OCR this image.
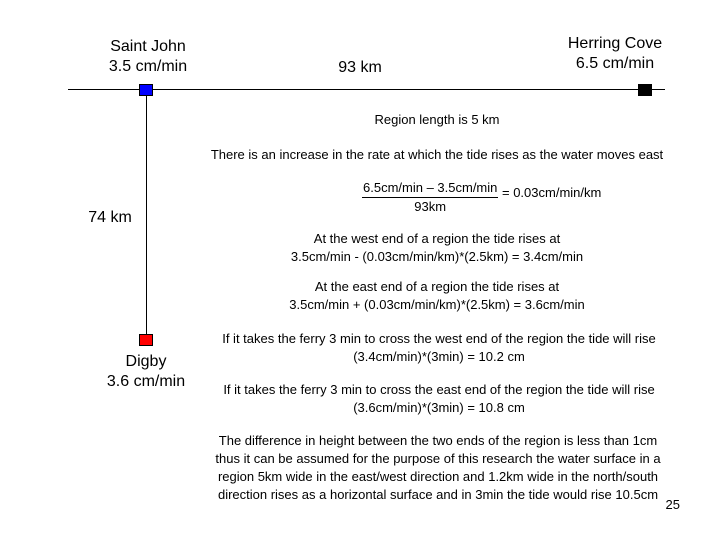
Saint John
3.5 cm/min
Herring Cove
6.5 cm/min
Digby
3.6 cm/min
93 km
74 km
Region length is 5 km
There is an increase in the rate at which the tide rises as the water moves east
6.5cm/min – 3.5cm/min
93km
= 0.03cm/min/km
At the west end of a region the tide rises at
3.5cm/min - (0.03cm/min/km)*(2.5km) = 3.4cm/min
At the east end of a region the tide rises at
3.5cm/min + (0.03cm/min/km)*(2.5km) = 3.6cm/min
If it takes the ferry 3 min to cross the west end of the region the tide will rise
(3.4cm/min)*(3min) = 10.2 cm
If it takes the ferry 3 min to cross the east end of the region the tide will rise
(3.6cm/min)*(3min) = 10.8 cm
The difference in height between the two ends of the region is less than 1cm
thus it can be assumed for the purpose of this research the water surface in a
region 5km wide in the east/west direction and 1.2km wide in the north/south
direction rises as a horizontal surface and in 3min the tide would rise 10.5cm
25
